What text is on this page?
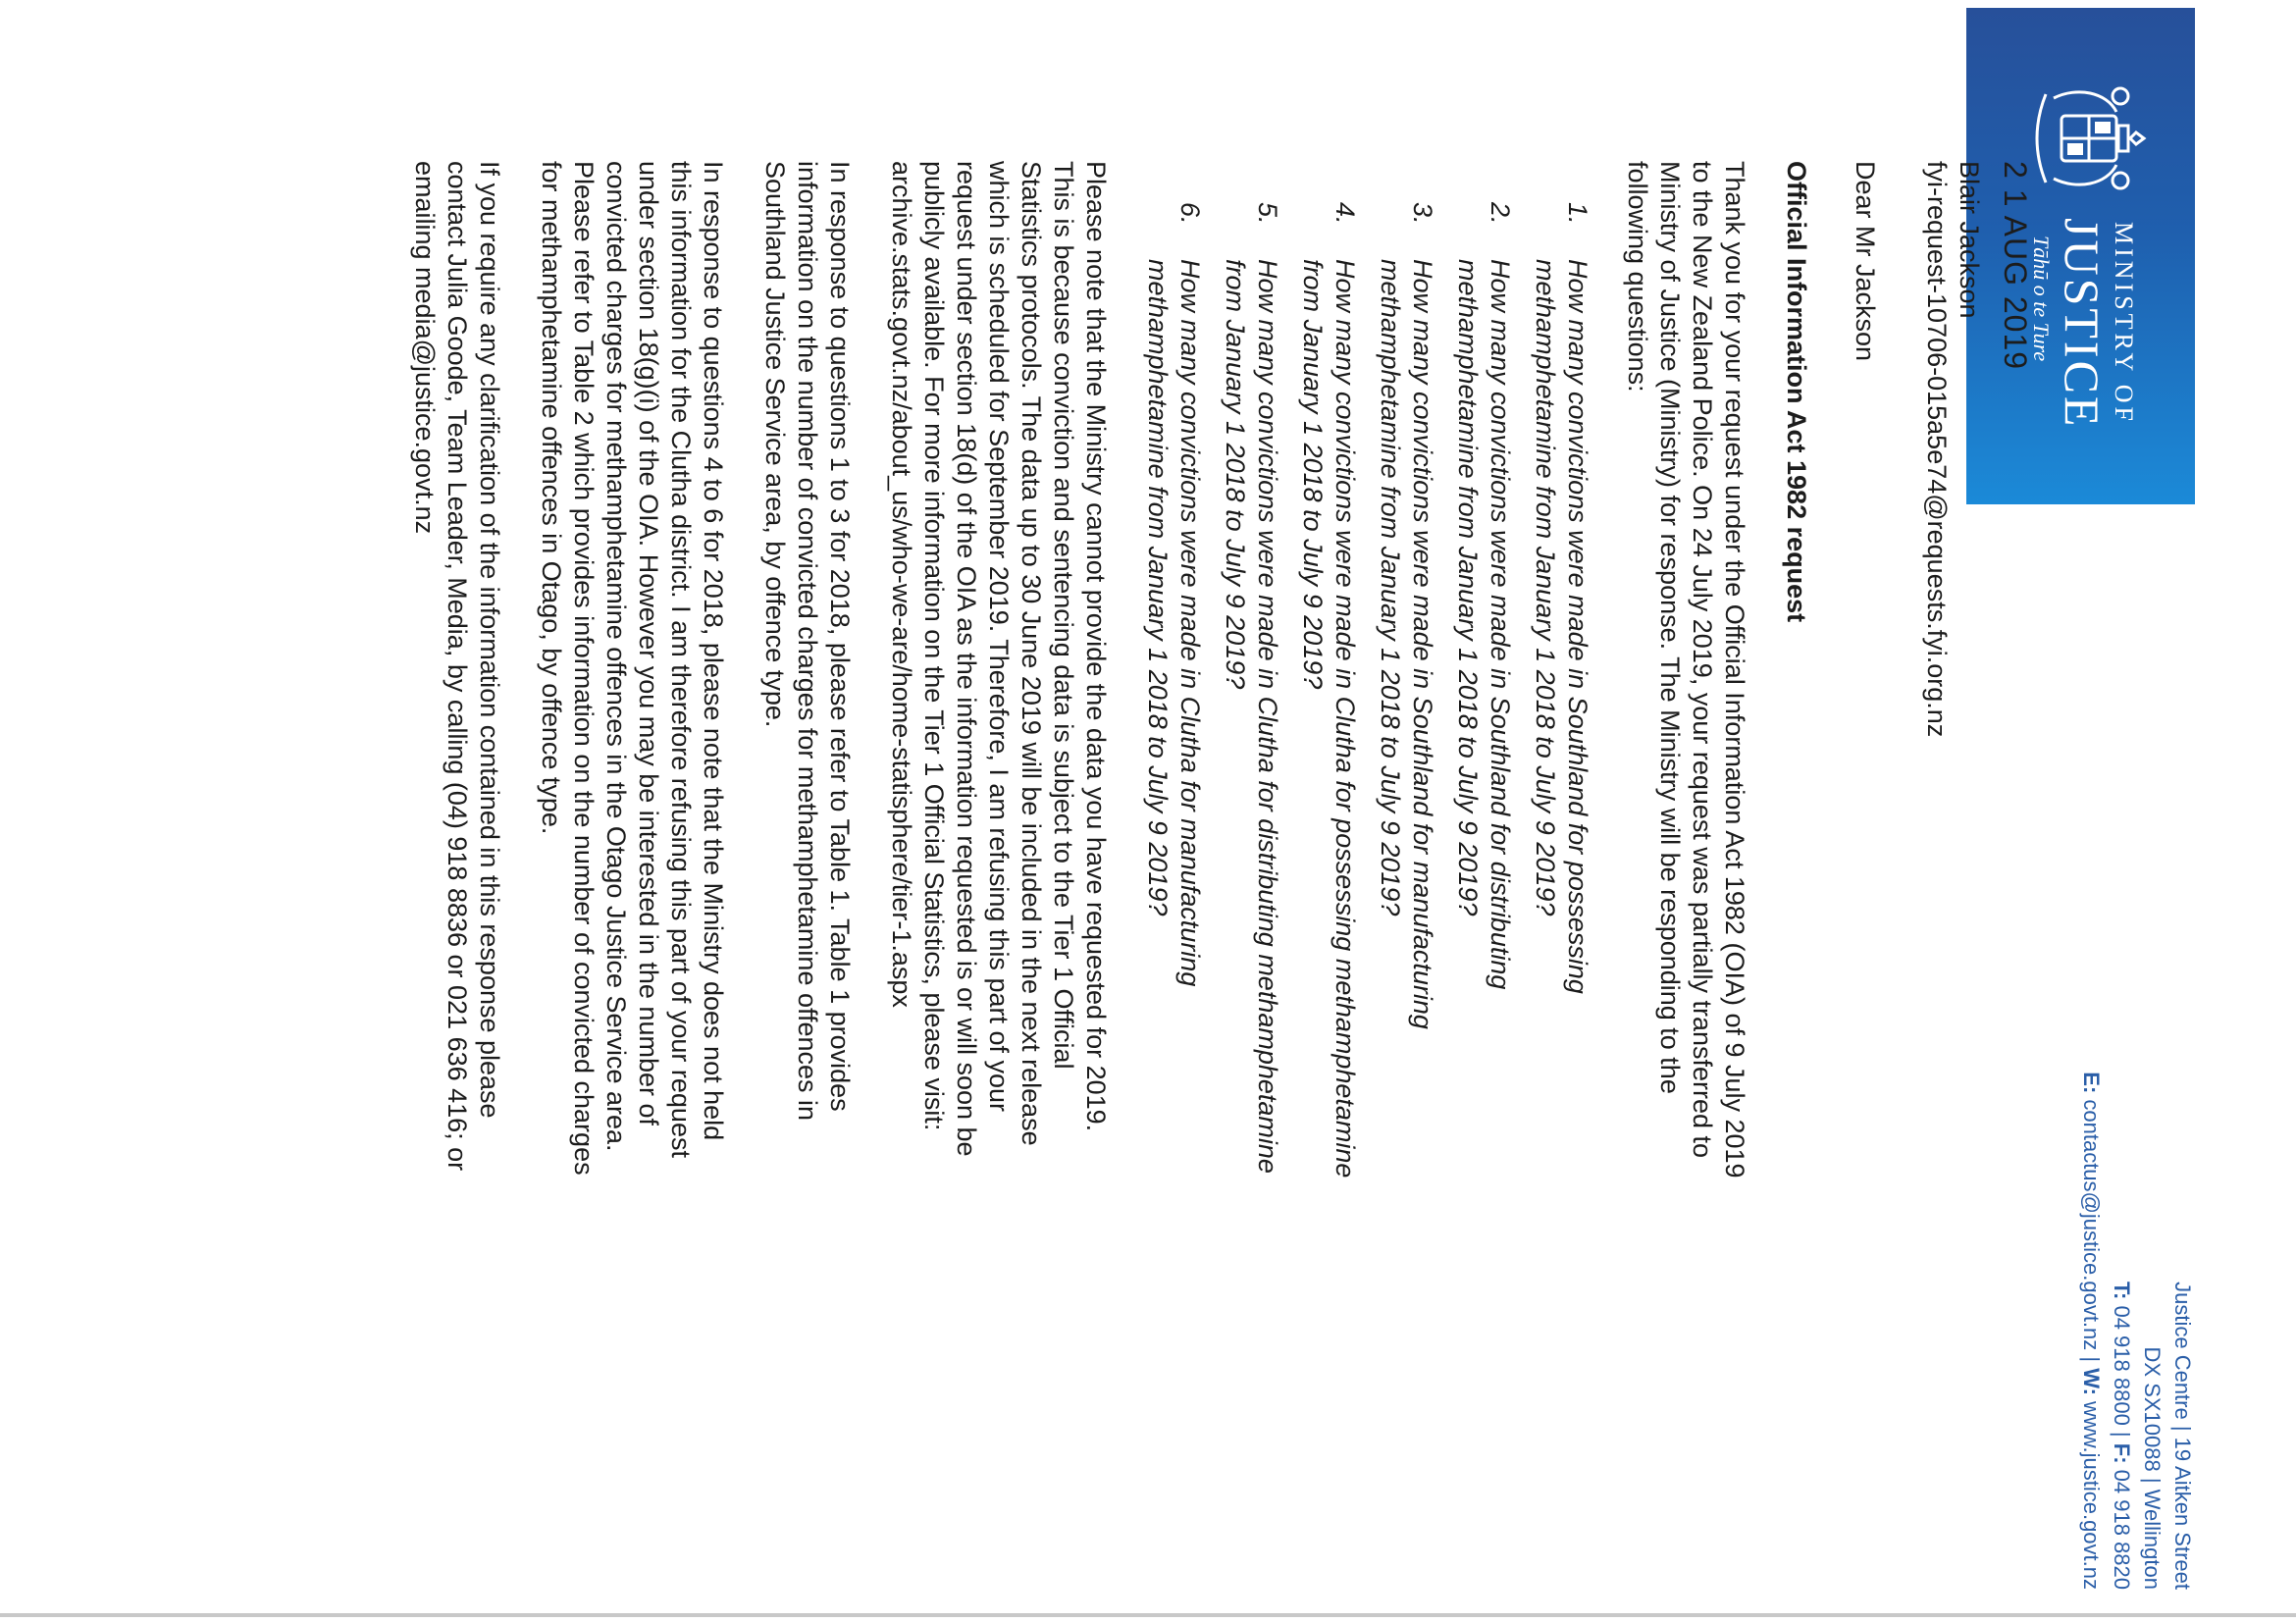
MINISTRY OF
JUSTICE
Tāhū o te Ture
Justice Centre | 19 Aitken Street
DX SX10088 | Wellington
T: 04 918 8800 | F: 04 918 8820
E: contactus@justice.govt.nz | W: www.justice.govt.nz
2 1 AUG 2019
Blair Jackson
fyi-request-10706-015a5e74@requests.fyi.org.nz
Dear Mr Jackson
Official Information Act 1982 request

Thank you for your request under the Official Information Act 1982 (OIA) of 9 July 2019 to the New Zealand Police. On 24 July 2019, your request was partially transferred to Ministry of Justice (Ministry) for response. The Ministry will be responding to the following questions:

1. How many convictions were made in Southland for possessing methamphetamine from January 1 2018 to July 9 2019?
2. How many convictions were made in Southland for distributing methamphetamine from January 1 2018 to July 9 2019?
3. How many convictions were made in Southland for manufacturing methamphetamine from January 1 2018 to July 9 2019?
4. How many convictions were made in Clutha for possessing methamphetamine from January 1 2018 to July 9 2019?
5. How many convictions were made in Clutha for distributing methamphetamine from January 1 2018 to July 9 2019?
6. How many convictions were made in Clutha for manufacturing methamphetamine from January 1 2018 to July 9 2019?

Please note that the Ministry cannot provide the data you have requested for 2019. This is because conviction and sentencing data is subject to the Tier 1 Official Statistics protocols. The data up to 30 June 2019 will be included in the next release which is scheduled for September 2019. Therefore, I am refusing this part of your request under section 18(d) of the OIA as the information requested is or will soon be publicly available. For more information on the Tier 1 Official Statistics, please visit: archive.stats.govt.nz/about_us/who-we-are/home-statisphere/tier-1.aspx

In response to questions 1 to 3 for 2018, please refer to Table 1. Table 1 provides information on the number of convicted charges for methamphetamine offences in Southland Justice Service area, by offence type.

In response to questions 4 to 6 for 2018, please note that the Ministry does not held this information for the Clutha district. I am therefore refusing this part of your request under section 18(g)(i) of the OIA. However you may be interested in the number of convicted charges for methamphetamine offences in the Otago Justice Service area. Please refer to Table 2 which provides information on the number of convicted charges for methamphetamine offences in Otago, by offence type.

If you require any clarification of the information contained in this response please contact Julia Goode, Team Leader, Media, by calling (04) 918 8836 or 021 636 416; or emailing media@justice.govt.nz
